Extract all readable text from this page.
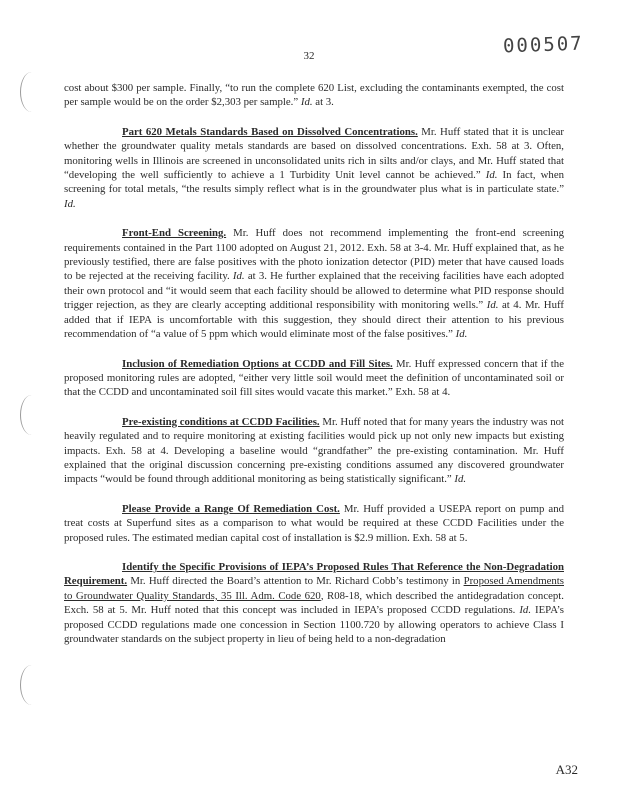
000507
32

cost about $300 per sample. Finally, “to run the complete 620 List, excluding the contaminants exempted, the cost per sample would be on the order $2,303 per sample.” Id. at 3.

Part 620 Metals Standards Based on Dissolved Concentrations. Mr. Huff stated that it is unclear whether the groundwater quality metals standards are based on dissolved concentrations. Exh. 58 at 3. Often, monitoring wells in Illinois are screened in unconsolidated units rich in silts and/or clays, and Mr. Huff stated that “developing the well sufficiently to achieve a 1 Turbidity Unit level cannot be achieved.” Id. In fact, when screening for total metals, “the results simply reflect what is in the groundwater plus what is in particulate state.” Id.

Front-End Screening. Mr. Huff does not recommend implementing the front-end screening requirements contained in the Part 1100 adopted on August 21, 2012. Exh. 58 at 3-4. Mr. Huff explained that, as he previously testified, there are false positives with the photo ionization detector (PID) meter that have caused loads to be rejected at the receiving facility. Id. at 3. He further explained that the receiving facilities have each adopted their own protocol and “it would seem that each facility should be allowed to determine what PID response should trigger rejection, as they are clearly accepting additional responsibility with monitoring wells.” Id. at 4. Mr. Huff added that if IEPA is uncomfortable with this suggestion, they should direct their attention to his previous recommendation of “a value of 5 ppm which would eliminate most of the false positives.” Id.

Inclusion of Remediation Options at CCDD and Fill Sites. Mr. Huff expressed concern that if the proposed monitoring rules are adopted, “either very little soil would meet the definition of uncontaminated soil or that the CCDD and uncontaminated soil fill sites would vacate this market.” Exh. 58 at 4.

Pre-existing conditions at CCDD Facilities. Mr. Huff noted that for many years the industry was not heavily regulated and to require monitoring at existing facilities would pick up not only new impacts but existing impacts. Exh. 58 at 4. Developing a baseline would “grandfather” the pre-existing contamination. Mr. Huff explained that the original discussion concerning pre-existing conditions assumed any discovered groundwater impacts “would be found through additional monitoring as being statistically significant.” Id.

Please Provide a Range Of Remediation Cost. Mr. Huff provided a USEPA report on pump and treat costs at Superfund sites as a comparison to what would be required at these CCDD Facilities under the proposed rules. The estimated median capital cost of installation is $2.9 million. Exh. 58 at 5.

Identify the Specific Provisions of IEPA’s Proposed Rules That Reference the Non-Degradation Requirement. Mr. Huff directed the Board’s attention to Mr. Richard Cobb’s testimony in Proposed Amendments to Groundwater Quality Standards, 35 Ill. Adm. Code 620, R08-18, which described the antidegradation concept. Exch. 58 at 5. Mr. Huff noted that this concept was included in IEPA’s proposed CCDD regulations. Id. IEPA’s proposed CCDD regulations made one concession in Section 1100.720 by allowing operators to achieve Class I groundwater standards on the subject property in lieu of being held to a non-degradation

A32
